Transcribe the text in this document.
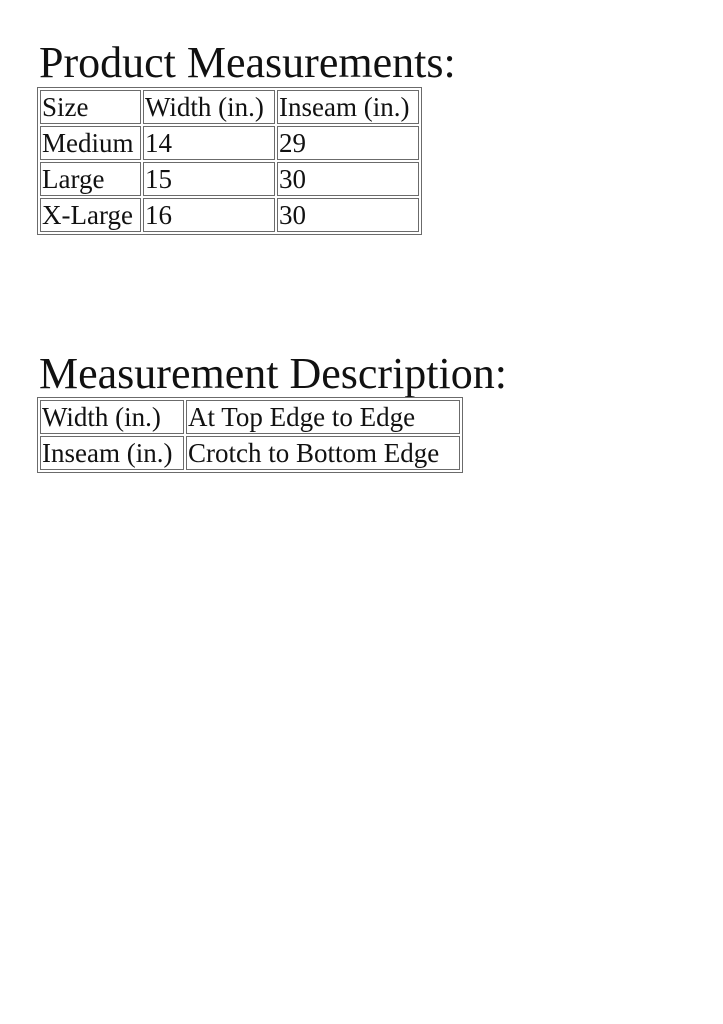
Product Measurements:
Size	Width (in.)	Inseam (in.)
Medium	14	29
Large	15	30
X-Large	16	30
Measurement Description:
Width (in.)	At Top Edge to Edge
Inseam (in.)	Crotch to Bottom Edge
